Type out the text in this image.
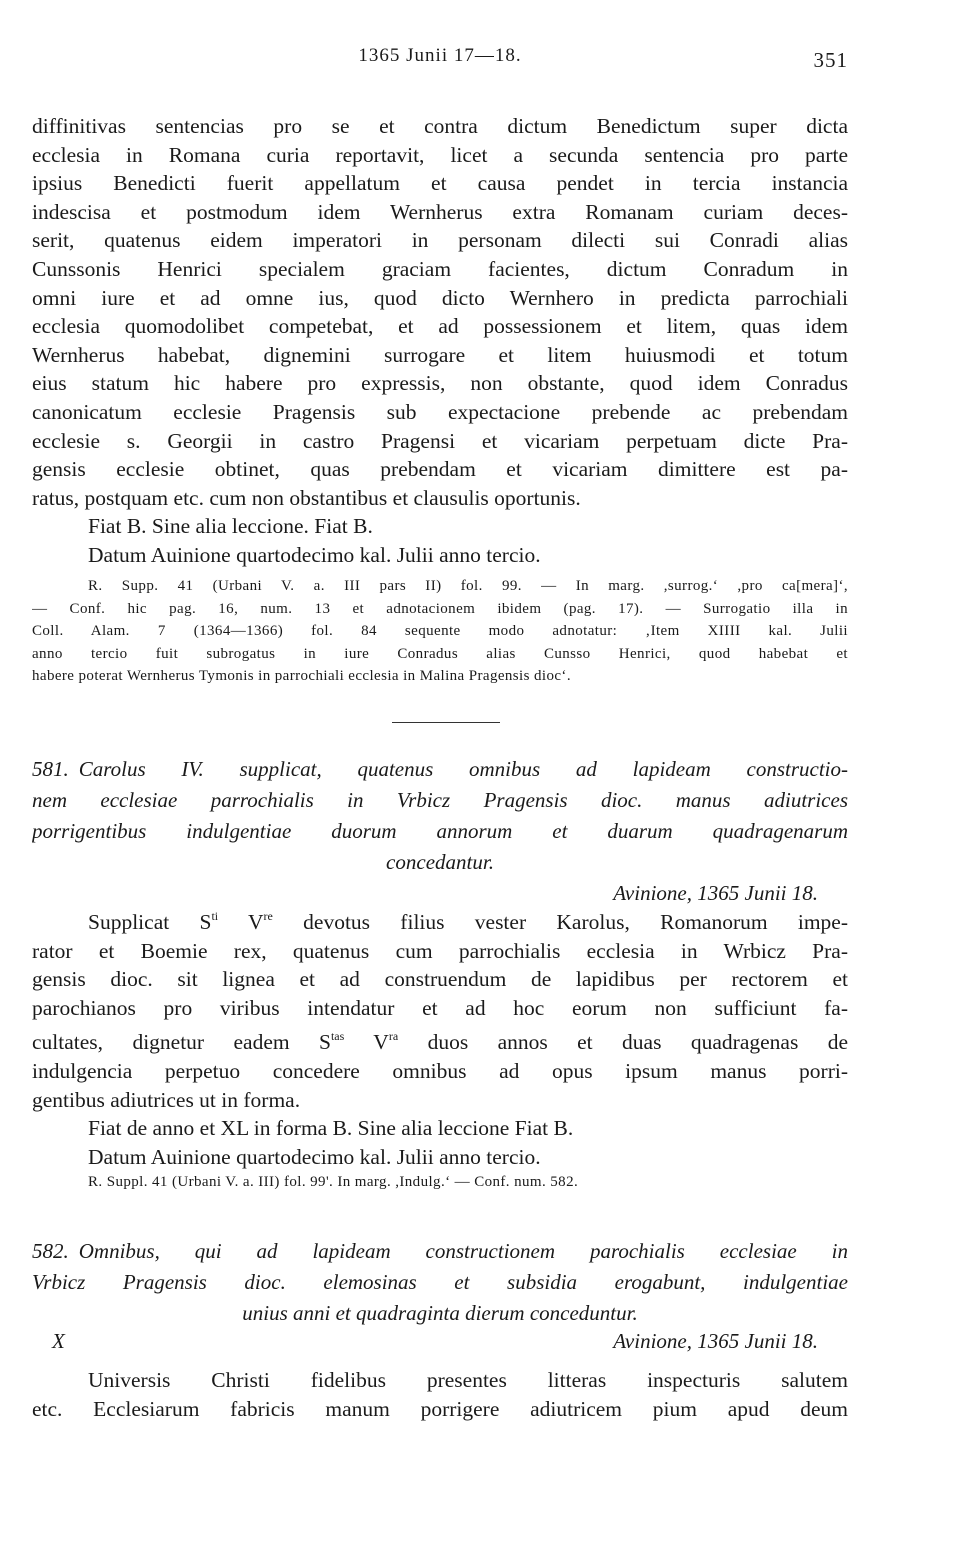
1365 Junii 17—18.	351
diffinitivas sentencias pro se et contra dictum Benedictum super dicta
ecclesia in Romana curia reportavit, licet a secunda sentencia pro parte
ipsius Benedicti fuerit appellatum et causa pendet in tercia instancia
indescisa et postmodum idem Wernherus extra Romanam curiam deces-
serit, quatenus eidem imperatori in personam dilecti sui Conradi alias
Cunssonis Henrici specialem graciam facientes, dictum Conradum in
omni iure et ad omne ius, quod dicto Wernhero in predicta parrochiali
ecclesia quomodolibet competebat, et ad possessionem et litem, quas idem
Wernherus habebat, dignemini surrogare et litem huiusmodi et totum
eius statum hic habere pro expressis, non obstante, quod idem Conradus
canonicatum ecclesie Pragensis sub expectacione prebende ac prebendam
ecclesie s. Georgii in castro Pragensi et vicariam perpetuam dicte Pra-
gensis ecclesie obtinet, quas prebendam et vicariam dimittere est pa-
ratus, postquam etc. cum non obstantibus et clausulis oportunis.
Fiat B. Sine alia leccione. Fiat B.
Datum Auinione quartodecimo kal. Julii anno tercio.
R. Supp. 41 (Urbani V. a. III pars II) fol. 99. — In marg. ,surrog.‘ ,pro ca[mera]‘,
— Conf. hic pag. 16, num. 13 et adnotacionem ibidem (pag. 17). — Surrogatio illa in
Coll. Alam. 7 (1364—1366) fol. 84 sequente modo adnotatur: ‚Item XIIII kal. Julii
anno tercio fuit subrogatus in iure Conradus alias Cunsso Henrici, quod habebat et
habere poterat Wernherus Tymonis in parrochiali ecclesia in Malina Pragensis dioc‘.
581. Carolus IV. supplicat, quatenus omnibus ad lapideam constructio-
nem ecclesiae parrochialis in Vrbicz Pragensis dioc. manus adiutrices
porrigentibus indulgentiae duorum annorum et duarum quadragenarum
concedantur.
Avinione, 1365 Junii 18.
Supplicat $S^{ti}$ Vre devotus filius vester Karolus, Romanorum impe-
rator et Boemie rex, quatenus cum parrochialis ecclesia in Wrbicz Pra-
gensis dioc. sit lignea et ad construendum de lapidibus per rectorem et
parochianos pro viribus intendatur et ad hoc eorum non sufficiunt fa-
cultates, dignetur eadem $S^{tas}$ $V^{ra}$ duos annos et duas quadragenas de
indulgencia perpetuo concedere omnibus ad opus ipsum manus porri-
gentibus adiutrices ut in forma.
Fiat de anno et XL in forma B. Sine alia leccione Fiat B.
Datum Auinione quartodecimo kal. Julii anno tercio.
R. Suppl. 41 (Urbani V. a. III) fol. 99'. In marg. ,Indulg.‘ — Conf. num. 582.
582. Omnibus, qui ad lapideam constructionem parochialis ecclesiae in
Vrbicz Pragensis dioc. elemosinas et subsidia erogabunt, indulgentiae
unius anni et quadraginta dierum conceduntur.
X	Avinione, 1365 Junii 18.
Universis Christi fidelibus presentes litteras inspecturis salutem
etc. Ecclesiarum fabricis manum porrigere adiutricem pium apud deum
